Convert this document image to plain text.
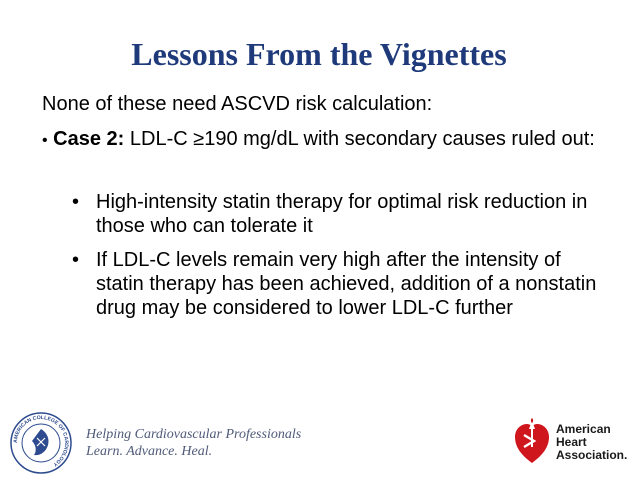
Lessons From the Vignettes
None of these need ASCVD risk calculation:
• Case 2: LDL-C ≥190 mg/dL with secondary causes ruled out:
• High-intensity statin therapy for optimal risk reduction in those who can tolerate it
• If LDL-C levels remain very high after the intensity of statin therapy has been achieved, addition of a nonstatin drug may be considered to lower LDL-C further
AMERICAN COLLEGE OF CARDIOLOGY
Helping Cardiovascular Professionals
Learn. Advance. Heal.
American
Heart
Association.
